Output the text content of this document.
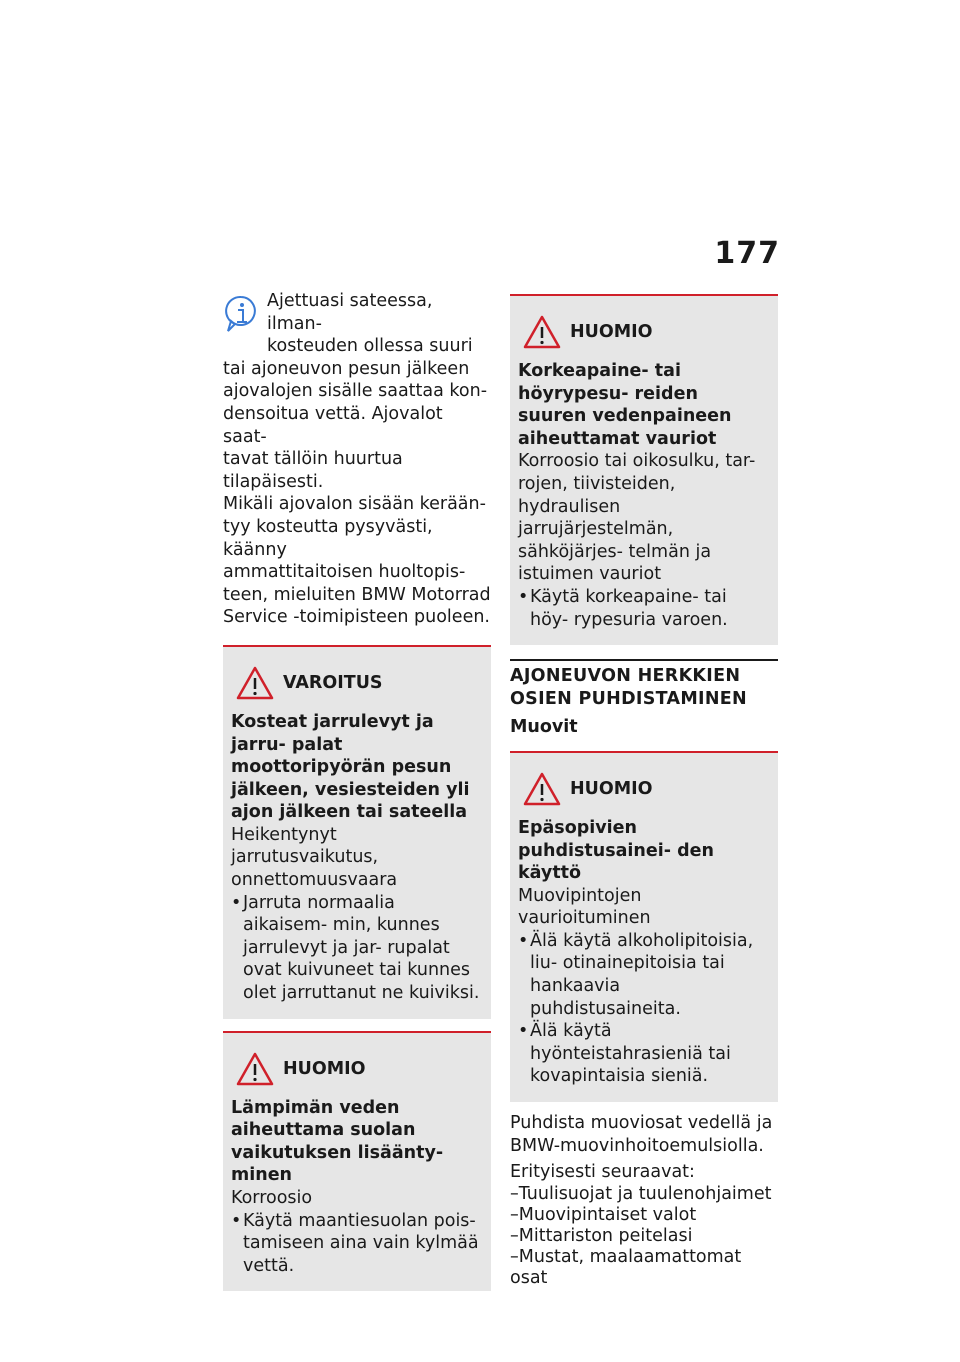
177

Ajettuasi sateessa, ilman-

kosteuden ollessa suuri

tai ajoneuvon pesun jälkeen

ajovalojen sisälle saattaa kon-

densoitua vettä. Ajovalot saat-

tavat tällöin huurtua tilapäisesti.

Mikäli ajovalon sisään kerään-

tyy kosteutta pysyvästi, käänny

ammattitaitoisen huoltopis-

teen, mieluiten BMW Motorrad

Service -toimipisteen puoleen.

VAROITUS
Kosteat jarrulevyt ja jarru- palat moottoripyörän pesun jälkeen, vesiesteiden yli ajon jälkeen tai sateella

Heikentynyt jarrutusvaikutus, onnettomuusvaara

• Jarruta normaalia aikaisem- min, kunnes jarrulevyt ja jar- rupalat ovat kuivuneet tai kunnes olet jarruttanut ne kuiviksi.
HUOMIO
Lämpimän veden aiheuttama suolan vaikutuksen lisäänty- minen

Korroosio

• Käytä maantiesuolan pois- tamiseen aina vain kylmää vettä.
HUOMIO
Korkeapaine- tai höyrypesu- reiden suuren vedenpaineen aiheuttamat vauriot

Korroosio tai oikosulku, tar- rojen, tiivisteiden, hydraulisen jarrujärjestelmän, sähköjärjes- telmän ja istuimen vauriot

• Käytä korkeapaine- tai höy- rypesuria varoen.
AJONEUVON HERKKIEN OSIEN PUHDISTAMINEN
Muovit
HUOMIO
Epäsopivien puhdistusainei- den käyttö

Muovipintojen vaurioituminen

• Älä käytä alkoholipitoisia, liu- otinainepitoisia tai hankaavia puhdistusaineita.
• Älä käytä hyönteistahrasieniä tai kovapintaisia sieniä.

Puhdista muoviosat vedellä ja BMW-muovinhoitoemulsiolla.

Erityisesti seuraavat:

–Tuulisuojat ja tuulenohjaimet
–Muovipintaiset valot
–Mittariston peitelasi
–Mustat, maalaamattomat osat
